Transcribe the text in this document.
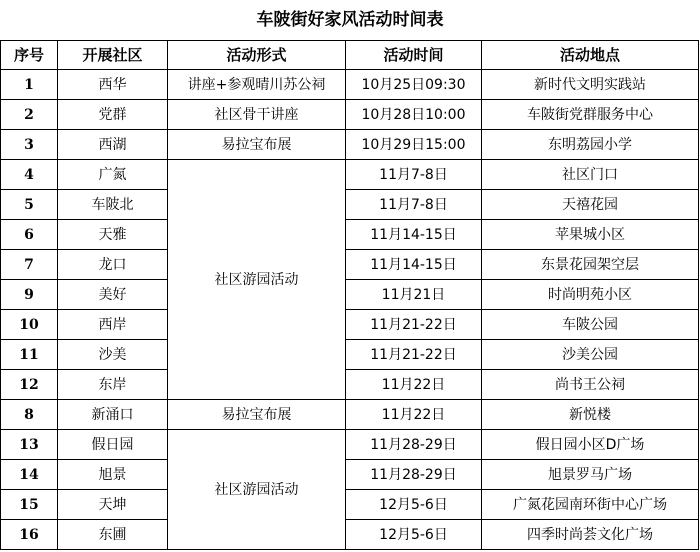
车陂街好家风活动时间表
序号	开展社区	活动形式	活动时间	活动地点
1	西华	讲座+参观晴川苏公祠	10月25日09:30	新时代文明实践站
2	党群	社区骨干讲座	10月28日10:00	车陂街党群服务中心
3	西湖	易拉宝布展	10月29日15:00	东明荔园小学
4	广氮	社区游园活动	11月7-8日	社区门口
5	车陂北		11月7-8日	天禧花园
6	天雅		11月14-15日	苹果城小区
7	龙口		11月14-15日	东景花园架空层
9	美好		11月21日	时尚明苑小区
10	西岸		11月21-22日	车陂公园
11	沙美		11月21-22日	沙美公园
12	东岸		11月22日	尚书王公祠
8	新涌口	易拉宝布展	11月22日	新悦楼
13	假日园	社区游园活动	11月28-29日	假日园小区D广场
14	旭景		11月28-29日	旭景罗马广场
15	天坤		12月5-6日	广氮花园南环街中心广场
16	东圃		12月5-6日	四季时尚荟文化广场
